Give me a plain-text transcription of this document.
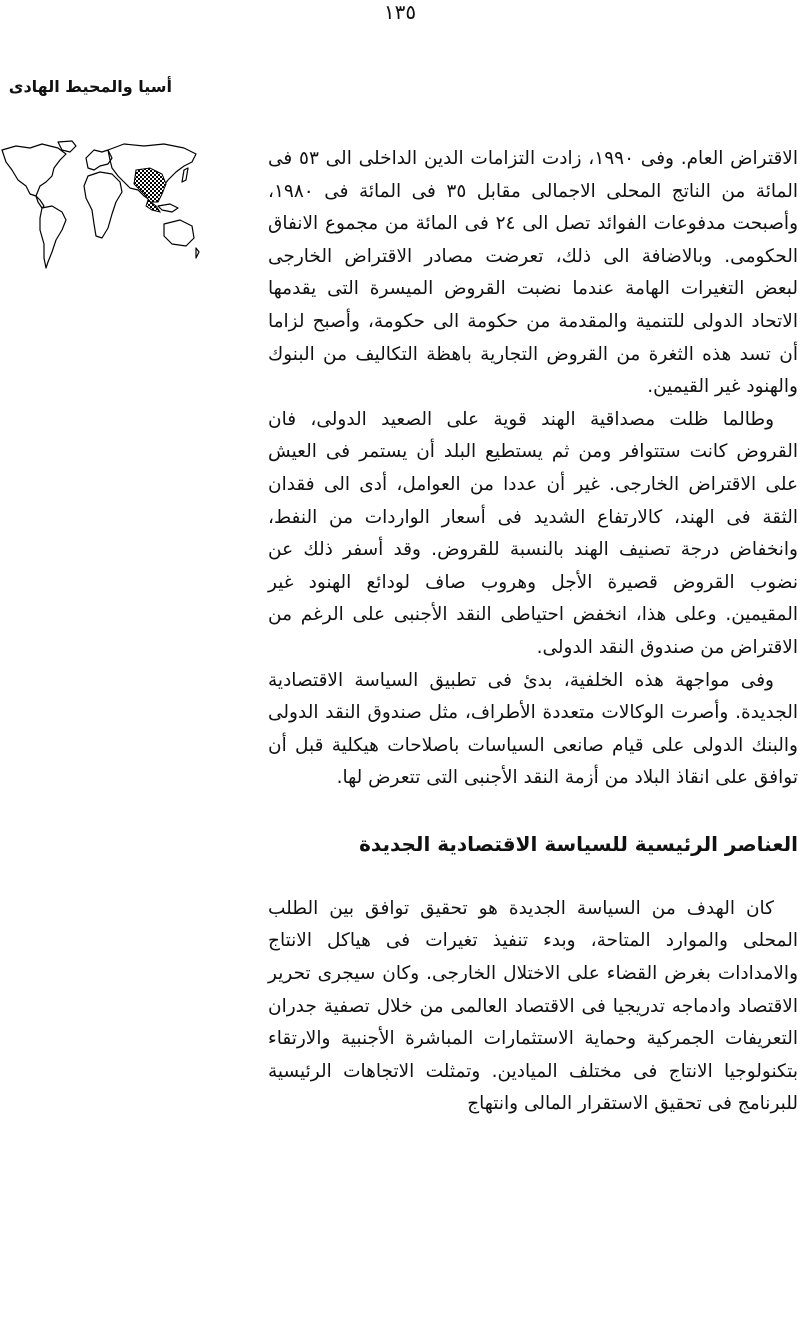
١٣٥
أسيا والمحيط الهادى

الاقتراض العام. وفى ١٩٩٠، زادت التزامات الدين الداخلى الى ٥٣ فى المائة من الناتج المحلى الاجمالى مقابل ٣٥ فى المائة فى ١٩٨٠، وأصبحت مدفوعات الفوائد تصل الى ٢٤ فى المائة من مجموع الانفاق الحكومى. وبالاضافة الى ذلك، تعرضت مصادر الاقتراض الخارجى لبعض التغيرات الهامة عندما نضبت القروض الميسرة التى يقدمها الاتحاد الدولى للتنمية والمقدمة من حكومة الى حكومة، وأصبح لزاما أن تسد هذه الثغرة من القروض التجارية باهظة التكاليف من البنوك والهنود غير القيمين.

وطالما ظلت مصداقية الهند قوية على الصعيد الدولى، فان القروض كانت ستتوافر ومن ثم يستطيع البلد أن يستمر فى العيش على الاقتراض الخارجى. غير أن عددا من العوامل، أدى الى فقدان الثقة فى الهند، كالارتفاع الشديد فى أسعار الواردات من النفط، وانخفاض درجة تصنيف الهند بالنسبة للقروض. وقد أسفر ذلك عن نضوب القروض قصيرة الأجل وهروب صاف لودائع الهنود غير المقيمين. وعلى هذا، انخفض احتياطى النقد الأجنبى على الرغم من الاقتراض من صندوق النقد الدولى.

وفى مواجهة هذه الخلفية، بدئ فى تطبيق السياسة الاقتصادية الجديدة. وأصرت الوكالات متعددة الأطراف، مثل صندوق النقد الدولى والبنك الدولى على قيام صانعى السياسات باصلاحات هيكلية قبل أن توافق على انقاذ البلاد من أزمة النقد الأجنبى التى تتعرض لها.

العناصر الرئيسية للسياسة الاقتصادية الجديدة

كان الهدف من السياسة الجديدة هو تحقيق توافق بين الطلب المحلى والموارد المتاحة، وبدء تنفيذ تغيرات فى هياكل الانتاج والامدادات بغرض القضاء على الاختلال الخارجى. وكان سيجرى تحرير الاقتصاد وادماجه تدريجيا فى الاقتصاد العالمى من خلال تصفية جدران التعريفات الجمركية وحماية الاستثمارات المباشرة الأجنبية والارتقاء بتكنولوجيا الانتاج فى مختلف الميادين. وتمثلت الاتجاهات الرئيسية للبرنامج فى تحقيق الاستقرار المالى وانتهاج
